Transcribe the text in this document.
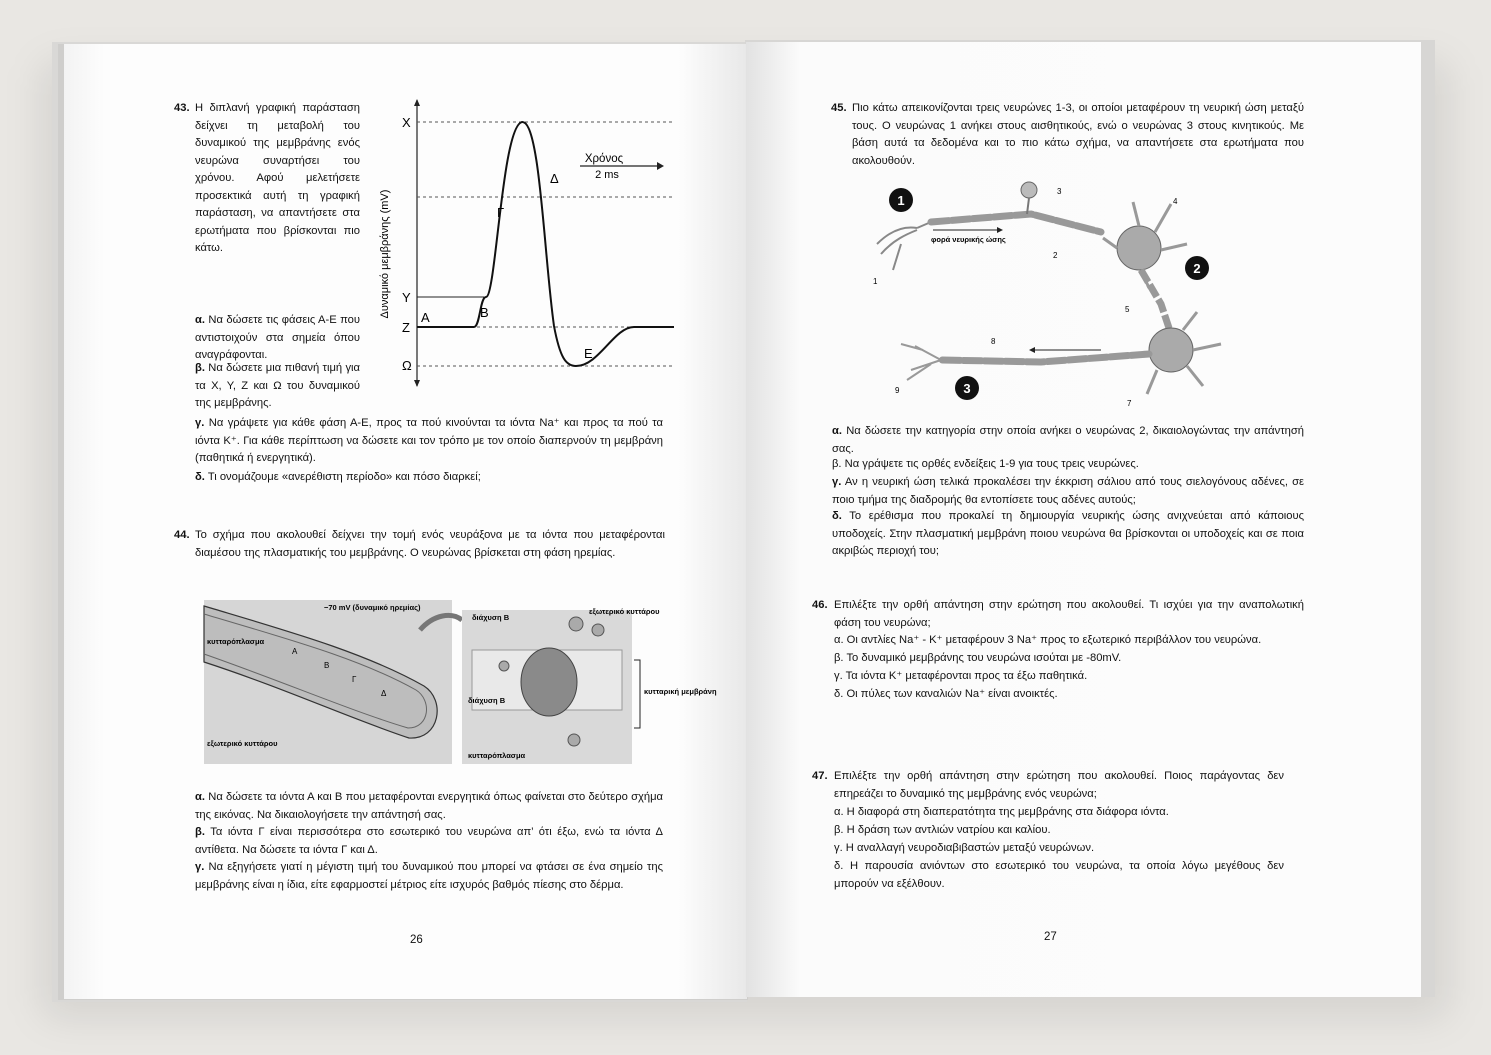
43. Η διπλανή γραφική παράσταση δείχνει τη μεταβολή του δυναμικού της μεμβράνης ενός νευρώνα συναρτήσει του χρόνου. Αφού μελετήσετε προσεκτικά αυτή τη γραφική παράσταση, να απαντήσετε στα ερωτήματα που βρίσκονται πιο κάτω.

α. Να δώσετε τις φάσεις Α-Ε που αντιστοιχούν στα σημεία όπου αναγράφονται.

β. Να δώσετε μια πιθανή τιμή για τα Χ, Υ, Ζ και Ω του δυναμικού της μεμβράνης.

γ. Να γράψετε για κάθε φάση Α-Ε, προς τα πού κινούνται τα ιόντα Na⁺ και προς τα πού τα ιόντα K⁺. Για κάθε περίπτωση να δώσετε και τον τρόπο με τον οποίο διαπερνούν τη μεμβράνη (παθητικά ή ενεργητικά).

δ. Τι ονομάζουμε «ανερέθιστη περίοδο» και πόσο διαρκεί;

Δυναμικό μεμβράνης (mV)
Χ
Υ
Ζ
Ω
Α	Β
Γ
Δ
Ε
Χρόνος
2 ms
44. Το σχήμα που ακολουθεί δείχνει την τομή ενός νευράξονα με τα ιόντα που μεταφέρονται διαμέσου της πλασματικής του μεμβράνης. Ο νευρώνας βρίσκεται στη φάση ηρεμίας.

−70 mV (δυναμικό ηρεμίας)
κυτταρόπλασμα
Α
Β
Γ
Δ
εξωτερικό κυττάρου
διάχυση Β
εξωτερικό κυττάρου
διάχυση Β
κυτταρόπλασμα
κυτταρική μεμβράνη

α. Να δώσετε τα ιόντα Α και Β που μεταφέρονται ενεργητικά όπως φαίνεται στο δεύτερο σχήμα της εικόνας. Να δικαιολογήσετε την απάντησή σας.

β. Τα ιόντα Γ είναι περισσότερα στο εσωτερικό του νευρώνα απ’ ότι έξω, ενώ τα ιόντα Δ αντίθετα. Να δώσετε τα ιόντα Γ και Δ.

γ. Να εξηγήσετε γιατί η μέγιστη τιμή του δυναμικού που μπορεί να φτάσει σε ένα σημείο της μεμβράνης είναι η ίδια, είτε εφαρμοστεί μέτριος είτε ισχυρός βαθμός πίεσης στο δέρμα.

26
45. Πιο κάτω απεικονίζονται τρεις νευρώνες 1-3, οι οποίοι μεταφέρουν τη νευρική ώση μεταξύ τους. Ο νευρώνας 1 ανήκει στους αισθητικούς, ενώ ο νευρώνας 3 στους κινητικούς. Με βάση αυτά τα δεδομένα και το πιο κάτω σχήμα, να απαντήσετε στα ερωτήματα που ακολουθούν.

1
φορά νευρικής ώσης
2
3
1
2
3
4
5
7
8
9

α. Να δώσετε την κατηγορία στην οποία ανήκει ο νευρώνας 2, δικαιολογώντας την απάντησή σας.

β. Να γράψετε τις ορθές ενδείξεις 1-9 για τους τρεις νευρώνες.

γ. Αν η νευρική ώση τελικά προκαλέσει την έκκριση σάλιου από τους σιελογόνους αδένες, σε ποιο τμήμα της διαδρομής θα εντοπίσετε τους αδένες αυτούς;

δ. Το ερέθισμα που προκαλεί τη δημιουργία νευρικής ώσης ανιχνεύεται από κάποιους υποδοχείς. Στην πλασματική μεμβράνη ποιου νευρώνα θα βρίσκονται οι υποδοχείς και σε ποια ακριβώς περιοχή του;

46. Επιλέξτε την ορθή απάντηση στην ερώτηση που ακολουθεί. Τι ισχύει για την αναπολωτική φάση του νευρώνα;

α. Οι αντλίες Na⁺ - K⁺ μεταφέρουν 3 Na⁺ προς το εξωτερικό περιβάλλον του νευρώνα.

β. Το δυναμικό μεμβράνης του νευρώνα ισούται με -80mV.

γ. Τα ιόντα K⁺ μεταφέρονται προς τα έξω παθητικά.

δ. Οι πύλες των καναλιών Na⁺ είναι ανοικτές.

47. Επιλέξτε την ορθή απάντηση στην ερώτηση που ακολουθεί. Ποιος παράγοντας δεν επηρεάζει το δυναμικό της μεμβράνης ενός νευρώνα;

α. Η διαφορά στη διαπερατότητα της μεμβράνης στα διάφορα ιόντα.

β. Η δράση των αντλιών νατρίου και καλίου.

γ. Η αναλλαγή νευροδιαβιβαστών μεταξύ νευρώνων.

δ. Η παρουσία ανιόντων στο εσωτερικό του νευρώνα, τα οποία λόγω μεγέθους δεν μπορούν να εξέλθουν.

27
